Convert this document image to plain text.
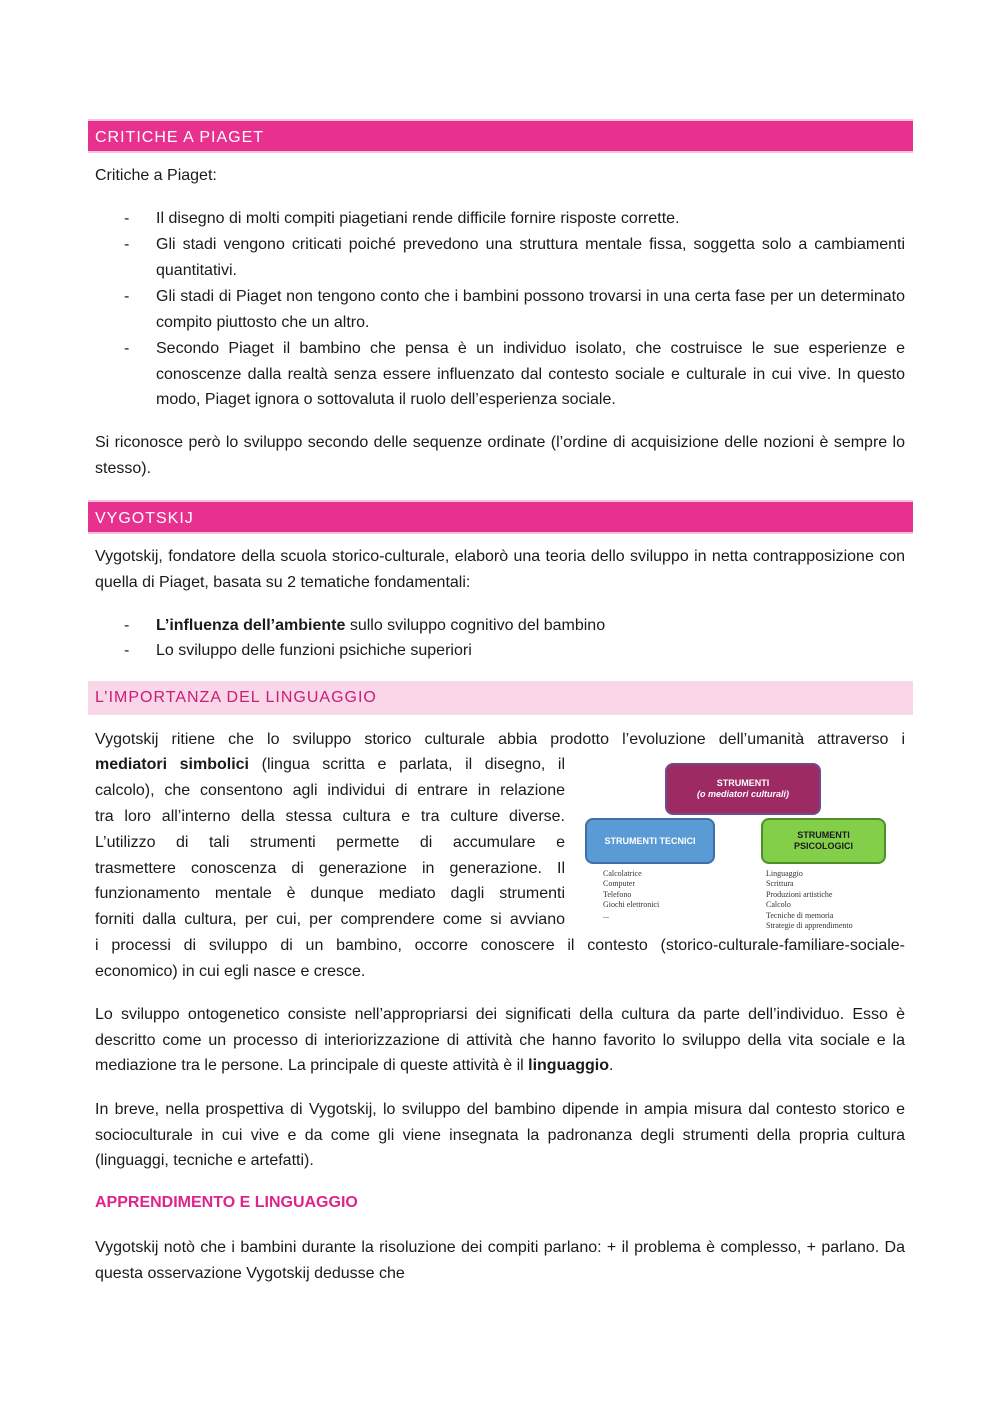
CRITICHE A PIAGET
Critiche a Piaget:
- Il disegno di molti compiti piagetiani rende difficile fornire risposte corrette.

- Gli stadi vengono criticati poiché prevedono una struttura mentale fissa, soggetta solo a cambiamenti quantitativi.

- Gli stadi di Piaget non tengono conto che i bambini possono trovarsi in una certa fase per un determinato compito piuttosto che un altro.

- Secondo Piaget il bambino che pensa è un individuo isolato, che costruisce le sue esperienze e conoscenze dalla realtà senza essere influenzato dal contesto sociale e culturale in cui vive. In questo modo, Piaget ignora o sottovaluta il ruolo dell’esperienza sociale.

Si riconosce però lo sviluppo secondo delle sequenze ordinate (l’ordine di acquisizione delle nozioni è sempre lo stesso).

VYGOTSKIJ

Vygotskij, fondatore della scuola storico-culturale, elaborò una teoria dello sviluppo in netta contrapposizione con quella di Piaget, basata su 2 tematiche fondamentali:

- L’influenza dell’ambiente sullo sviluppo cognitivo del bambino
- Lo sviluppo delle funzioni psichiche superiori
L’IMPORTANZA DEL LINGUAGGIO
Vygotskij ritiene che lo sviluppo storico culturale abbia prodotto l’evoluzione dell’umanità attraverso i
mediatori simbolici (lingua scritta e parlata, il disegno, il
calcolo), che consentono agli individui di entrare in relazione
tra loro all’interno della stessa cultura e tra culture diverse.
L’utilizzo di tali strumenti permette di accumulare e
trasmettere conoscenza di generazione in generazione. Il
funzionamento mentale è dunque mediato dagli strumenti
forniti dalla cultura, per cui, per comprendere come si avviano
i processi di sviluppo di un bambino, occorre conoscere il contesto (storico-culturale-familiare-sociale-
economico) in cui egli nasce e cresce.
STRUMENTI
(o mediatori culturali)
STRUMENTI TECNICI
STRUMENTI
PSICOLOGICI
Calcolatrice
Computer
Telefono
Giochi elettronici
...
Linguaggio
Scrittura
Produzioni artistiche
Calcolo
Tecniche di memoria
Strategie di apprendimento

Lo sviluppo ontogenetico consiste nell’appropriarsi dei significati della cultura da parte dell’individuo. Esso è descritto come un processo di interiorizzazione di attività che hanno favorito lo sviluppo della vita sociale e la mediazione tra le persone. La principale di queste attività è il linguaggio.

In breve, nella prospettiva di Vygotskij, lo sviluppo del bambino dipende in ampia misura dal contesto storico e socioculturale in cui vive e da come gli viene insegnata la padronanza degli strumenti della propria cultura (linguaggi, tecniche e artefatti).

APPRENDIMENTO E LINGUAGGIO

Vygotskij notò che i bambini durante la risoluzione dei compiti parlano: + il problema è complesso, + parlano. Da questa osservazione Vygotskij dedusse che
